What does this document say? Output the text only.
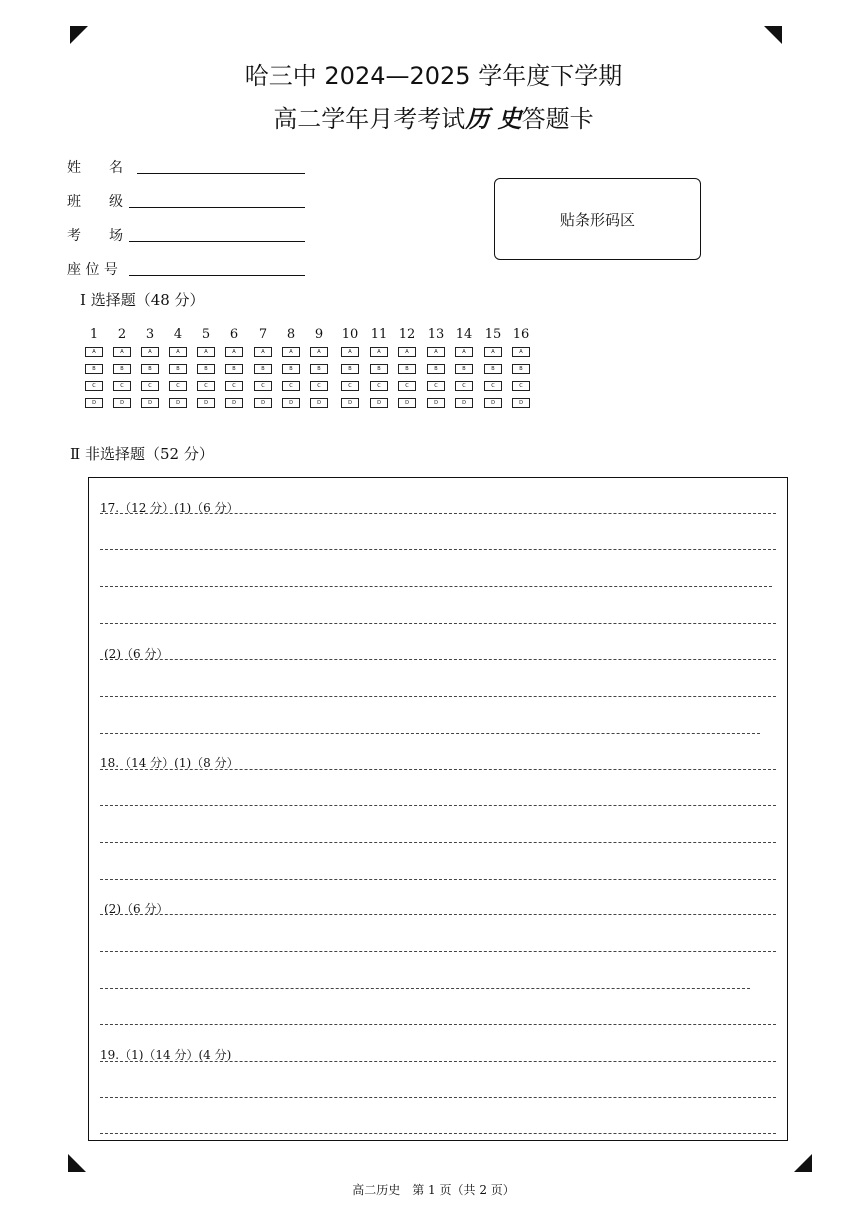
哈三中 2024—2025 学年度下学期
高二学年月考考试历 史答题卡
姓　　名
班　　级
考　　场
座 位 号
贴条形码区
Ⅰ 选择题（48 分）
1
A
B
C
D
2
A
B
C
D
3
A
B
C
D
4
A
B
C
D
5
A
B
C
D
6
A
B
C
D
7
A
B
C
D
8
A
B
C
D
9
A
B
C
D
10
A
B
C
D
11
A
B
C
D
12
A
B
C
D
13
A
B
C
D
14
A
B
C
D
15
A
B
C
D
16
A
B
C
D
Ⅱ 非选择题（52 分）
17.（12 分）(1)（6 分）
(2)（6 分）
18.（14 分）(1)（8 分）
(2)（6 分）
19.（1)（14 分）(4 分)
高二历史　第 1 页（共 2 页）
